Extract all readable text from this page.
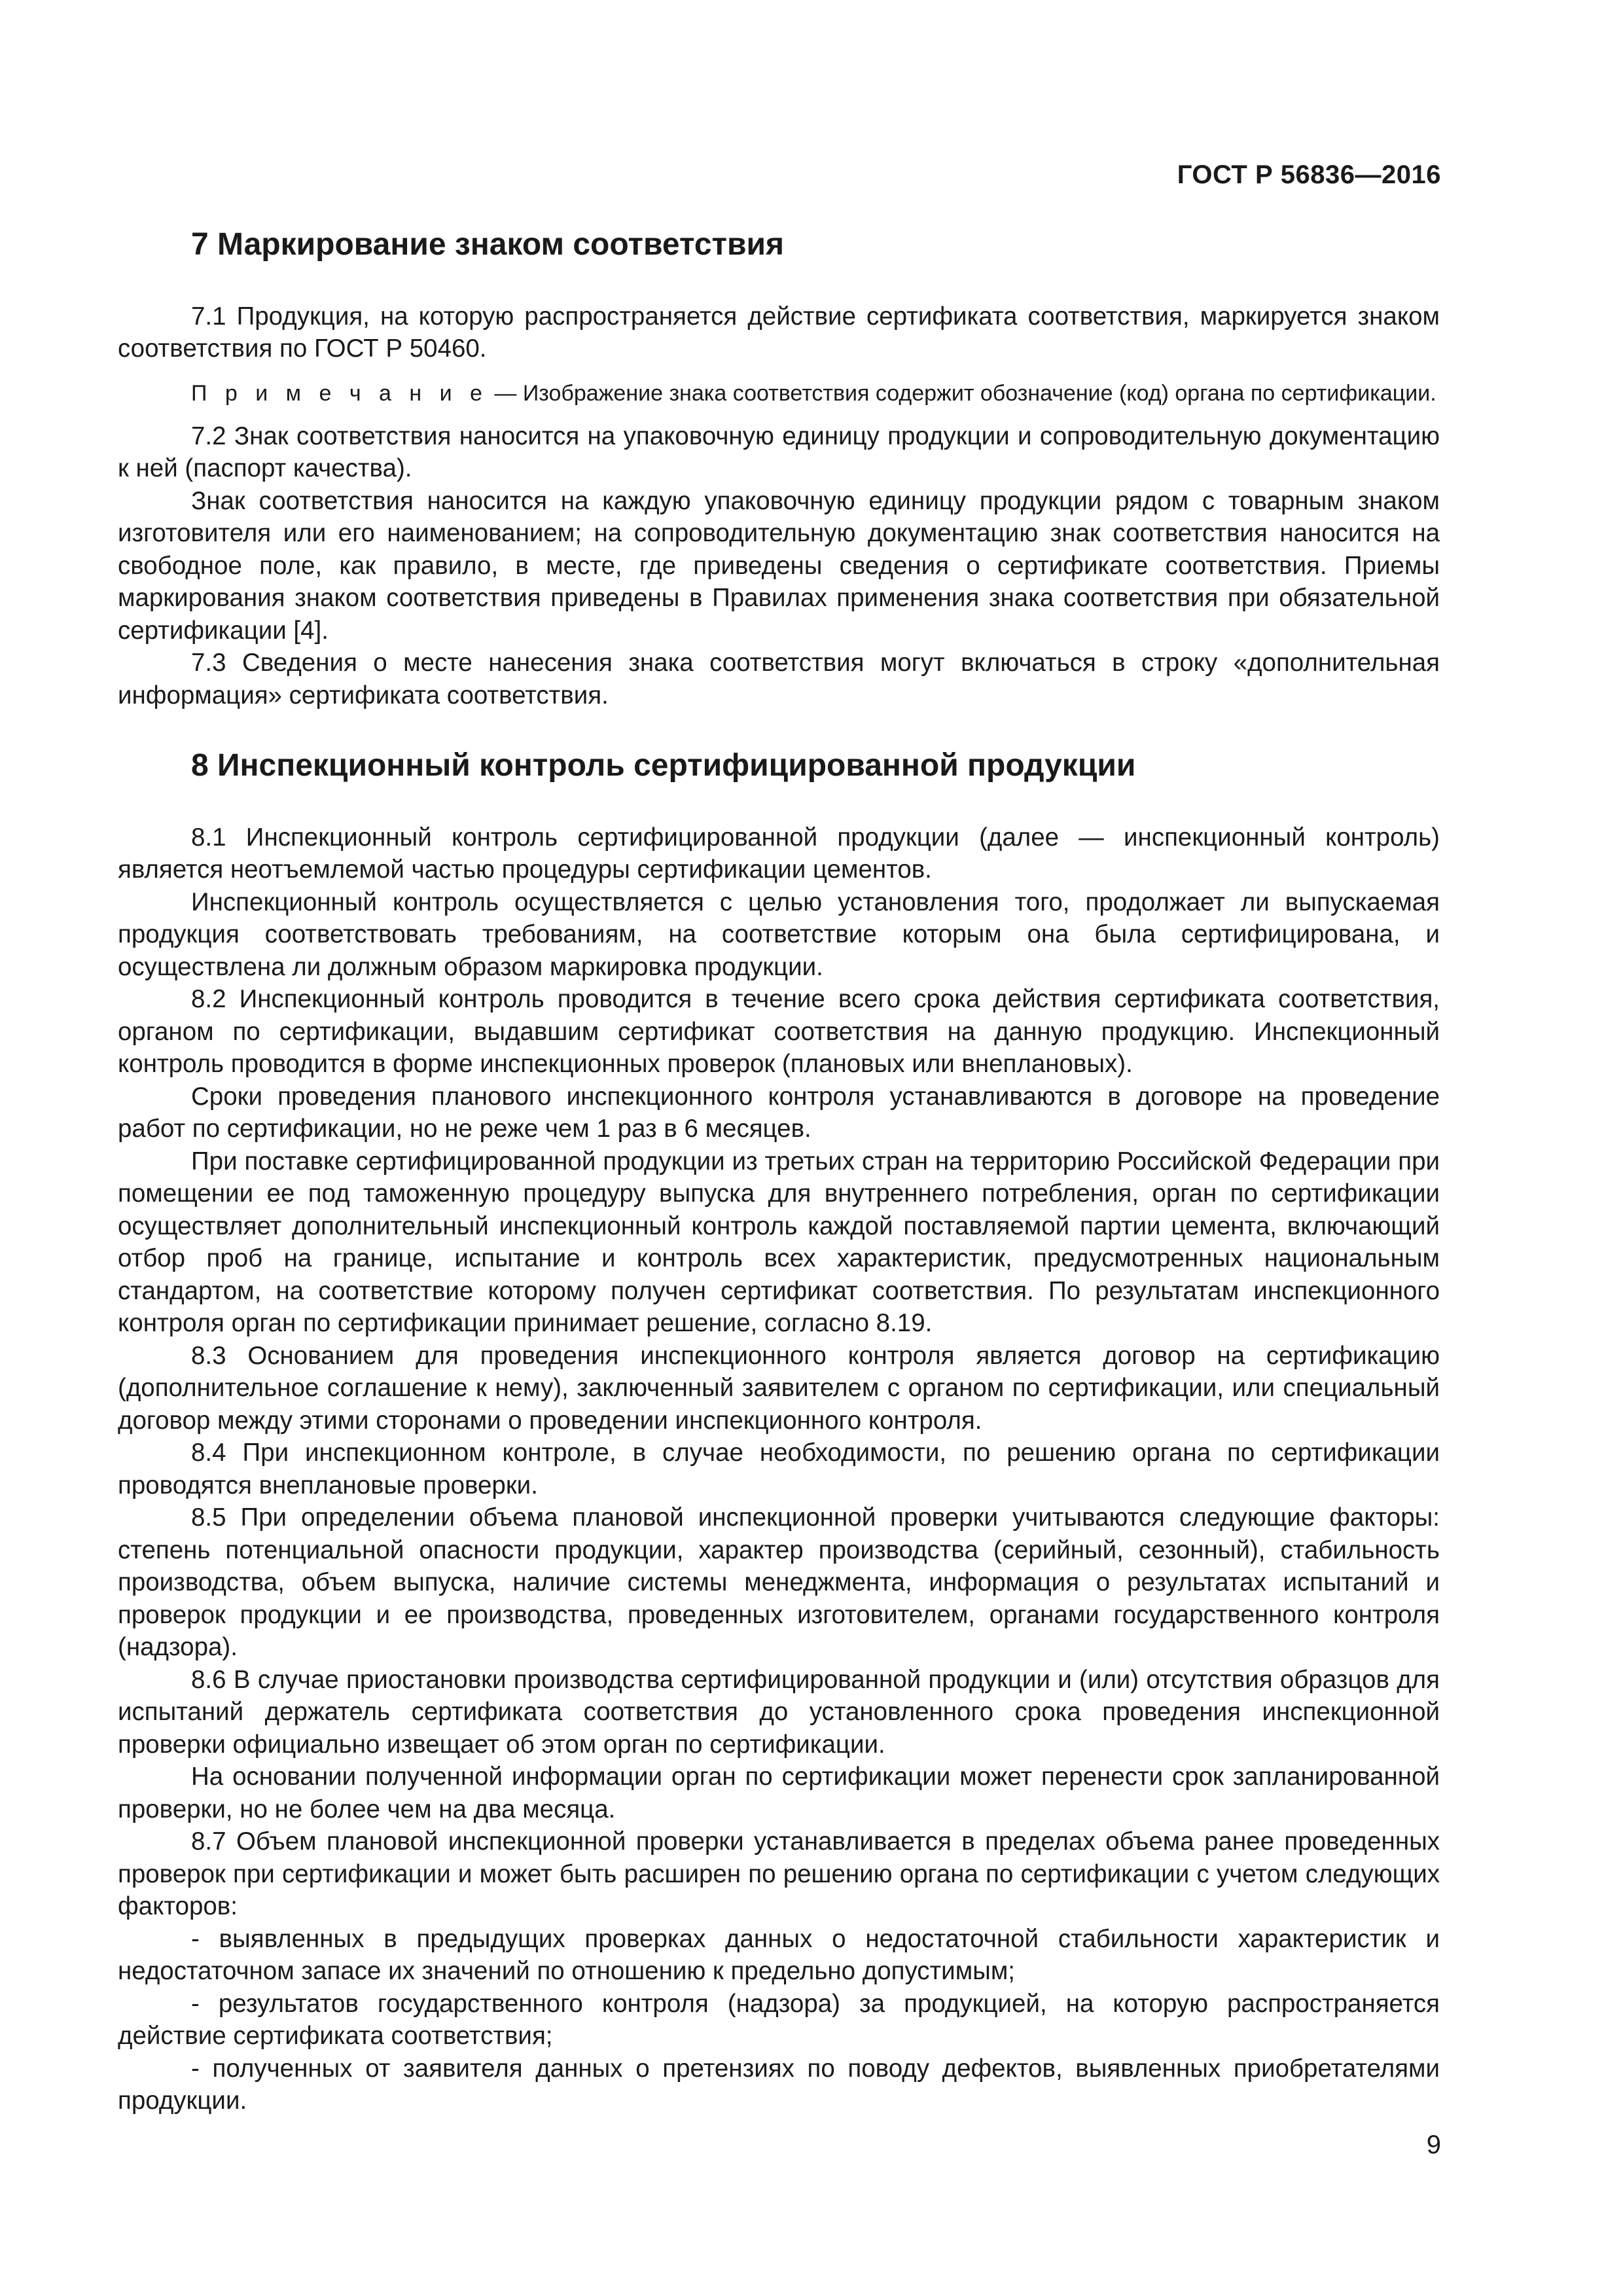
ГОСТ Р 56836—2016
7 Маркирование знаком соответствия

7.1 Продукция, на которую распространяется действие сертификата соответствия, маркируется знаком соответствия по ГОСТ Р 50460.

П р и м е ч а н и е — Изображение знака соответствия содержит обозначение (код) органа по сертификации.

7.2 Знак соответствия наносится на упаковочную единицу продукции и сопроводительную документацию к ней (паспорт качества).

Знак соответствия наносится на каждую упаковочную единицу продукции рядом с товарным знаком изготовителя или его наименованием; на сопроводительную документацию знак соответствия наносится на свободное поле, как правило, в месте, где приведены сведения о сертификате соответствия. Приемы маркирования знаком соответствия приведены в Правилах применения знака соответствия при обязательной сертификации [4].

7.3 Сведения о месте нанесения знака соответствия могут включаться в строку «дополнительная информация» сертификата соответствия.

8 Инспекционный контроль сертифицированной продукции

8.1 Инспекционный контроль сертифицированной продукции (далее — инспекционный контроль) является неотъемлемой частью процедуры сертификации цементов.

Инспекционный контроль осуществляется с целью установления того, продолжает ли выпускаемая продукция соответствовать требованиям, на соответствие которым она была сертифицирована, и осуществлена ли должным образом маркировка продукции.

8.2 Инспекционный контроль проводится в течение всего срока действия сертификата соответствия, органом по сертификации, выдавшим сертификат соответствия на данную продукцию. Инспекционный контроль проводится в форме инспекционных проверок (плановых или внеплановых).

Сроки проведения планового инспекционного контроля устанавливаются в договоре на проведение работ по сертификации, но не реже чем 1 раз в 6 месяцев.

При поставке сертифицированной продукции из третьих стран на территорию Российской Федерации при помещении ее под таможенную процедуру выпуска для внутреннего потребления, орган по сертификации осуществляет дополнительный инспекционный контроль каждой поставляемой партии цемента, включающий отбор проб на границе, испытание и контроль всех характеристик, предусмотренных национальным стандартом, на соответствие которому получен сертификат соответствия. По результатам инспекционного контроля орган по сертификации принимает решение, согласно 8.19.

8.3 Основанием для проведения инспекционного контроля является договор на сертификацию (дополнительное соглашение к нему), заключенный заявителем с органом по сертификации, или специальный договор между этими сторонами о проведении инспекционного контроля.

8.4 При инспекционном контроле, в случае необходимости, по решению органа по сертификации проводятся внеплановые проверки.

8.5 При определении объема плановой инспекционной проверки учитываются следующие факторы: степень потенциальной опасности продукции, характер производства (серийный, сезонный), стабильность производства, объем выпуска, наличие системы менеджмента, информация о результатах испытаний и проверок продукции и ее производства, проведенных изготовителем, органами государственного контроля (надзора).

8.6 В случае приостановки производства сертифицированной продукции и (или) отсутствия образцов для испытаний держатель сертификата соответствия до установленного срока проведения инспекционной проверки официально извещает об этом орган по сертификации.

На основании полученной информации орган по сертификации может перенести срок запланированной проверки, но не более чем на два месяца.

8.7 Объем плановой инспекционной проверки устанавливается в пределах объема ранее проведенных проверок при сертификации и может быть расширен по решению органа по сертификации с учетом следующих факторов:

- выявленных в предыдущих проверках данных о недостаточной стабильности характеристик и недостаточном запасе их значений по отношению к предельно допустимым;

- результатов государственного контроля (надзора) за продукцией, на которую распространяется действие сертификата соответствия;

- полученных от заявителя данных о претензиях по поводу дефектов, выявленных приобретателями продукции.

9
